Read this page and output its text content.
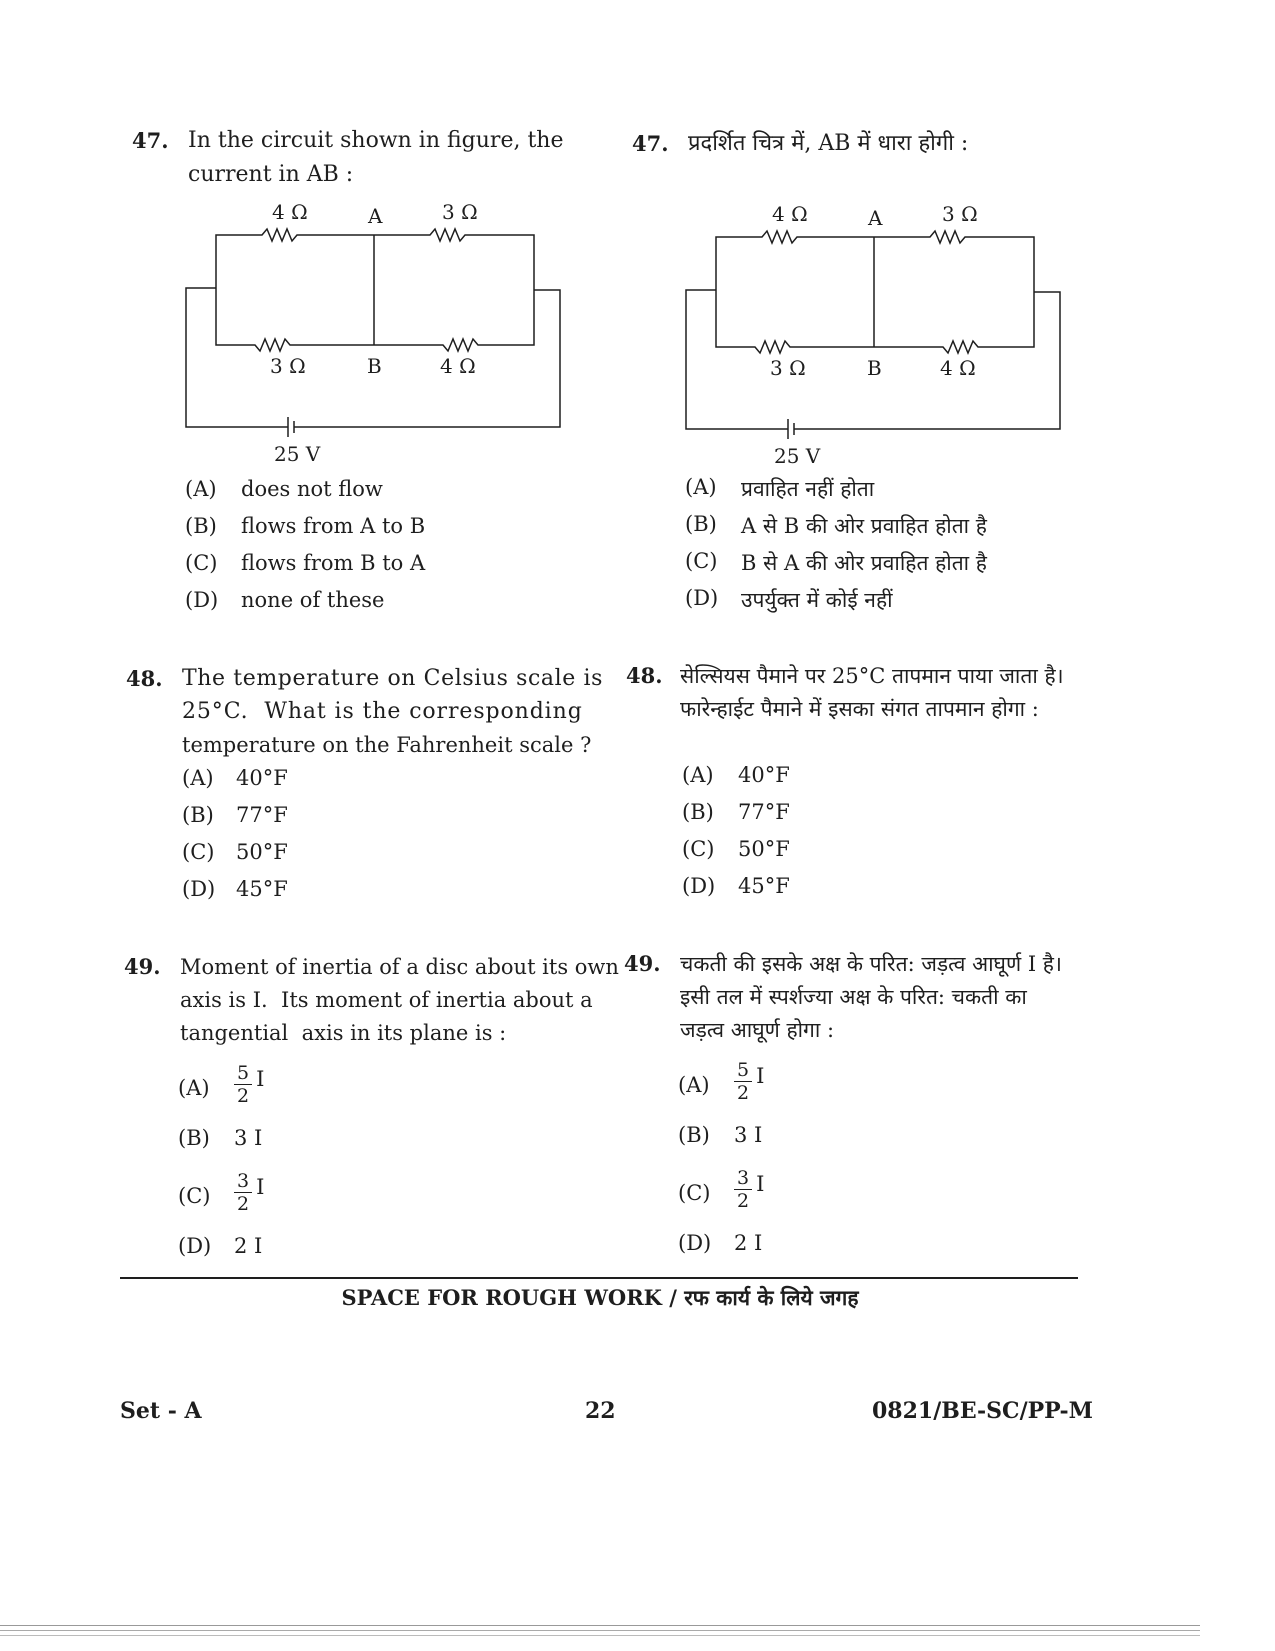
47. In the circuit shown in figure, the current in AB :
4 Ω	A	3 Ω
3 Ω	B	4 Ω
25 V
(A) does not flow
(B) flows from A to B
(C) flows from B to A
(D) none of these
47. प्रदर्शित चित्र में, AB में धारा होगी :
4 Ω	A	3 Ω
3 Ω	B	4 Ω
25 V
(A) प्रवाहित नहीं होता
(B) A से B की ओर प्रवाहित होता है
(C) B से A की ओर प्रवाहित होता है
(D) उपर्युक्त में कोई नहीं
48. The temperature on Celsius scale is
25°C.  What is the corresponding
temperature on the Fahrenheit scale ?
(A) 40°F
(B) 77°F
(C) 50°F
(D) 45°F
48. सेल्सियस पैमाने पर 25°C तापमान पाया जाता है।
फारेन्हाईट पैमाने में इसका संगत तापमान होगा :
(A) 40°F
(B) 77°F
(C) 50°F
(D) 45°F
49. Moment of inertia of a disc about its own
axis is I.  Its moment of inertia about a
tangential  axis in its plane is :
$(A) \frac{5}{2}$ I
(B) 3 I
$(C) \frac{3}{2}$ I
(D) 2 I
49. चकती की इसके अक्ष के परित: जड़त्व आघूर्ण I है।
इसी तल में स्पर्शज्या अक्ष के परित: चकती का
जड़त्व आघूर्ण होगा :
$(A) \frac{5}{2}$ I
(B) 3 I
$(C) \frac{3}{2}$ I
(D) 2 I
SPACE FOR ROUGH WORK / रफ कार्य के लिये जगह
Set - A	22	0821/BE-SC/PP-M
